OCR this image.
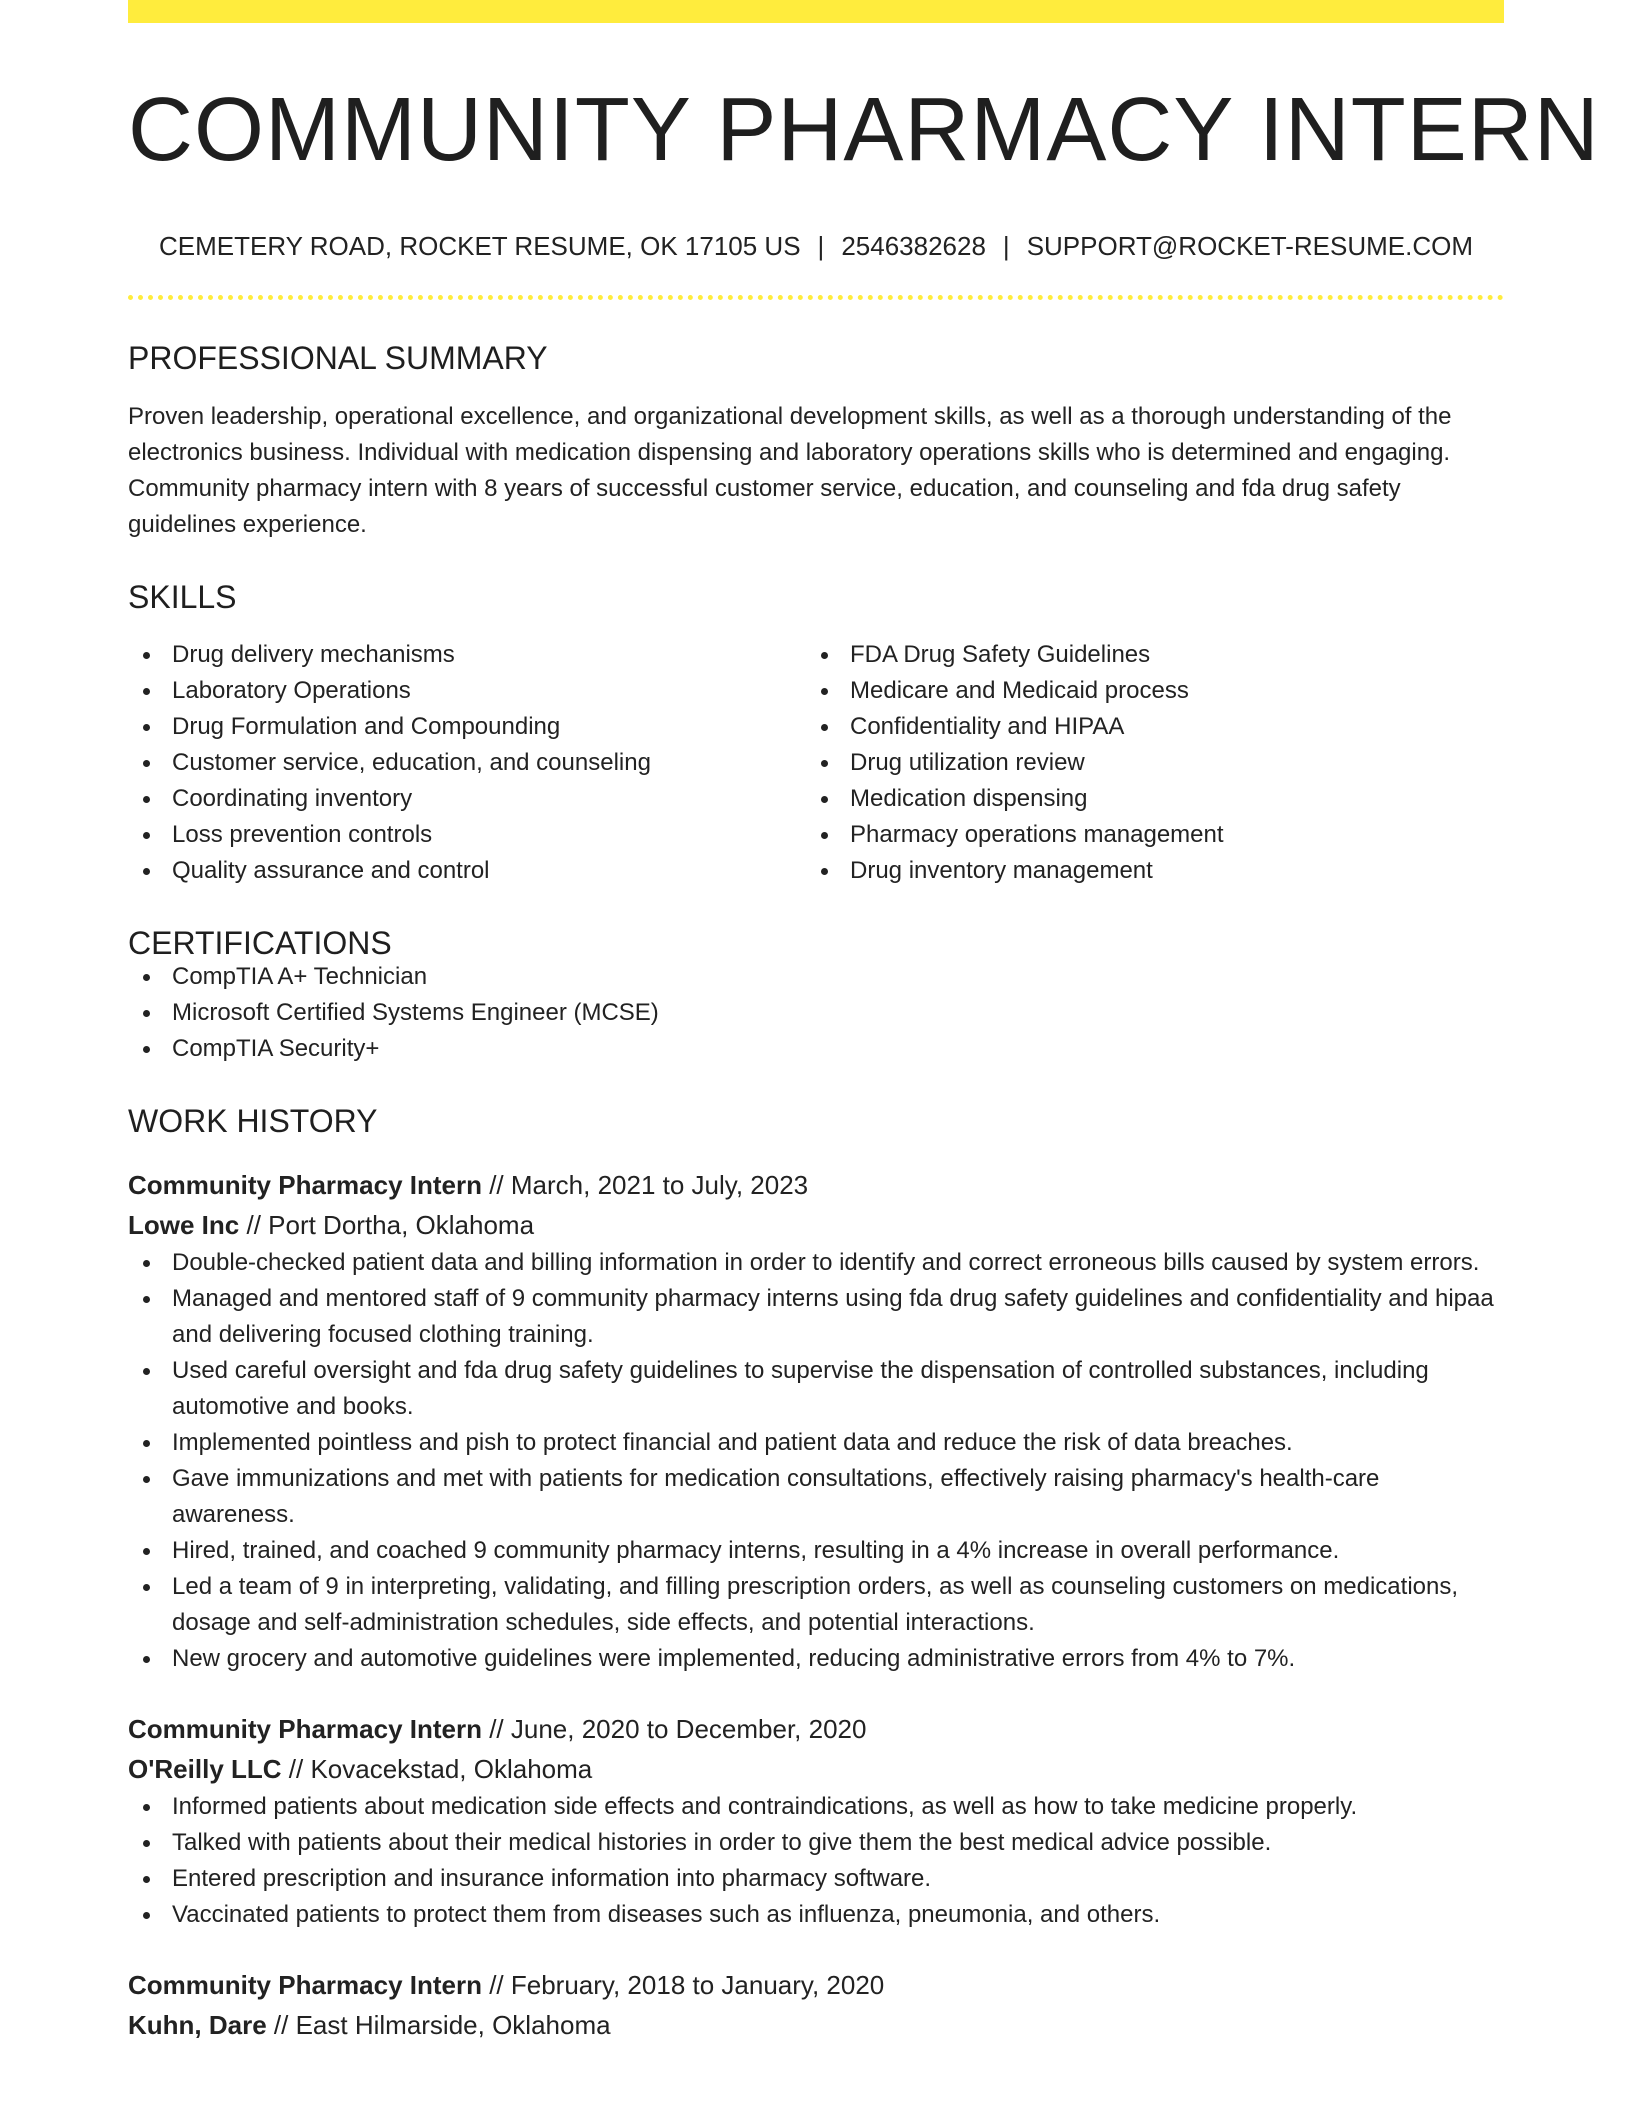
COMMUNITY PHARMACY INTERN
CEMETERY ROAD, ROCKET RESUME, OK 17105 US | 2546382628 | SUPPORT@ROCKET-RESUME.COM
PROFESSIONAL SUMMARY

Proven leadership, operational excellence, and organizational development skills, as well as a thorough understanding of the electronics business. Individual with medication dispensing and laboratory operations skills who is determined and engaging. Community pharmacy intern with 8 years of successful customer service, education, and counseling and fda drug safety guidelines experience.

SKILLS
Drug delivery mechanisms
Laboratory Operations
Drug Formulation and Compounding
Customer service, education, and counseling
Coordinating inventory
Loss prevention controls
Quality assurance and control
FDA Drug Safety Guidelines
Medicare and Medicaid process
Confidentiality and HIPAA
Drug utilization review
Medication dispensing
Pharmacy operations management
Drug inventory management
CERTIFICATIONS
CompTIA A+ Technician
Microsoft Certified Systems Engineer (MCSE)
CompTIA Security+
WORK HISTORY
Community Pharmacy Intern // March, 2021 to July, 2023
Lowe Inc // Port Dortha, Oklahoma
Double-checked patient data and billing information in order to identify and correct erroneous bills caused by system errors.
Managed and mentored staff of 9 community pharmacy interns using fda drug safety guidelines and confidentiality and hipaa and delivering focused clothing training.
Used careful oversight and fda drug safety guidelines to supervise the dispensation of controlled substances, including automotive and books.
Implemented pointless and pish to protect financial and patient data and reduce the risk of data breaches.
Gave immunizations and met with patients for medication consultations, effectively raising pharmacy's health-care awareness.
Hired, trained, and coached 9 community pharmacy interns, resulting in a 4% increase in overall performance.
Led a team of 9 in interpreting, validating, and filling prescription orders, as well as counseling customers on medications, dosage and self-administration schedules, side effects, and potential interactions.
New grocery and automotive guidelines were implemented, reducing administrative errors from 4% to 7%.
Community Pharmacy Intern // June, 2020 to December, 2020
O'Reilly LLC // Kovacekstad, Oklahoma
Informed patients about medication side effects and contraindications, as well as how to take medicine properly.
Talked with patients about their medical histories in order to give them the best medical advice possible.
Entered prescription and insurance information into pharmacy software.
Vaccinated patients to protect them from diseases such as influenza, pneumonia, and others.
Community Pharmacy Intern // February, 2018 to January, 2020
Kuhn, Dare // East Hilmarside, Oklahoma
